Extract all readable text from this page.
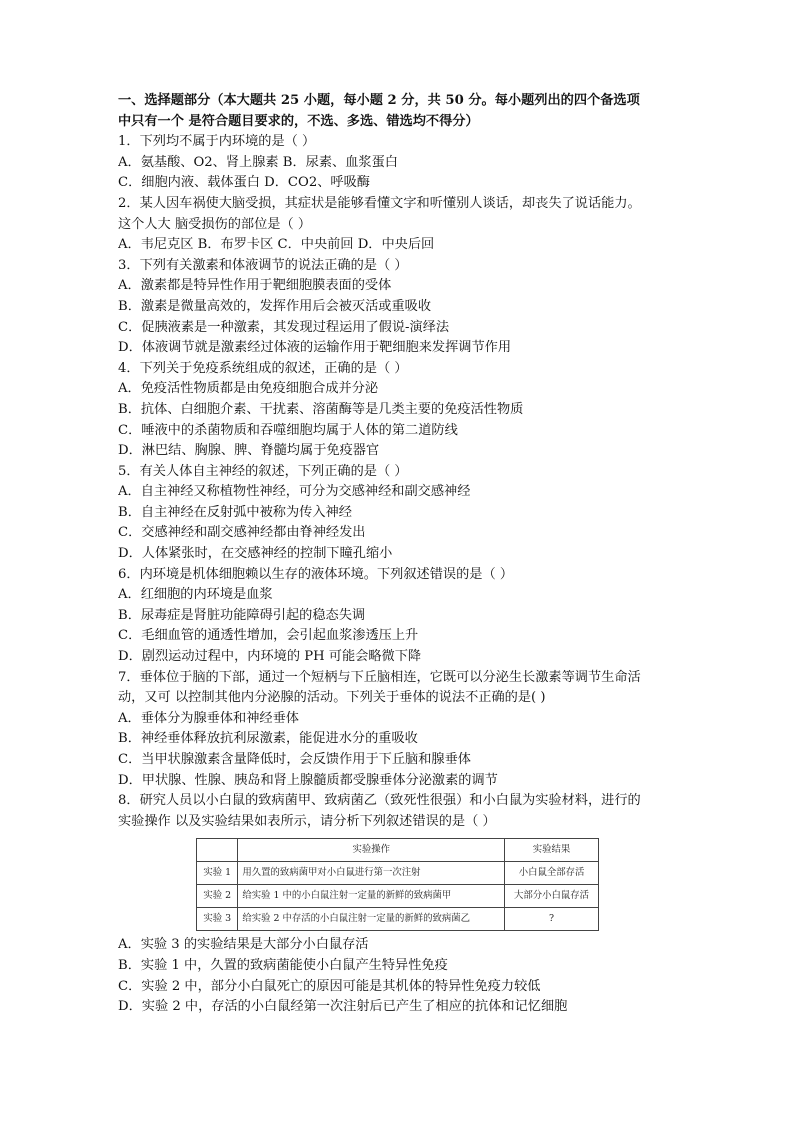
一、选择题部分（本大题共 25 小题，每小题 2 分，共 50 分。每小题列出的四个备选项
中只有一个 是符合题目要求的，不选、多选、错选均不得分）
1．下列均不属于内环境的是（ ）
A．氨基酸、O2、肾上腺素 B．尿素、血浆蛋白
C．细胞内液、载体蛋白 D．CO2、呼吸酶
2．某人因车祸使大脑受损，其症状是能够看懂文字和听懂别人谈话，却丧失了说话能力。
这个人大 脑受损伤的部位是（ ）
A．韦尼克区 B．布罗卡区 C．中央前回 D．中央后回
3．下列有关激素和体液调节的说法正确的是（ ）
A．激素都是特异性作用于靶细胞膜表面的受体
B．激素是微量高效的，发挥作用后会被灭活或重吸收
C．促胰液素是一种激素，其发现过程运用了假说-演绎法
D．体液调节就是激素经过体液的运输作用于靶细胞来发挥调节作用
4．下列关于免疫系统组成的叙述，正确的是（ ）
A．免疫活性物质都是由免疫细胞合成并分泌
B．抗体、白细胞介素、干扰素、溶菌酶等是几类主要的免疫活性物质
C．唾液中的杀菌物质和吞噬细胞均属于人体的第二道防线
D．淋巴结、胸腺、脾、脊髓均属于免疫器官
5．有关人体自主神经的叙述，下列正确的是（ ）
A．自主神经又称植物性神经，可分为交感神经和副交感神经
B．自主神经在反射弧中被称为传入神经
C．交感神经和副交感神经都由脊神经发出
D．人体紧张时，在交感神经的控制下瞳孔缩小
6．内环境是机体细胞赖以生存的液体环境。下列叙述错误的是（ ）
A．红细胞的内环境是血浆
B．尿毒症是肾脏功能障碍引起的稳态失调
C．毛细血管的通透性增加，会引起血浆渗透压上升
D．剧烈运动过程中，内环境的 PH 可能会略微下降
7．垂体位于脑的下部，通过一个短柄与下丘脑相连，它既可以分泌生长激素等调节生命活
动，又可 以控制其他内分泌腺的活动。下列关于垂体的说法不正确的是( )
A．垂体分为腺垂体和神经垂体
B．神经垂体释放抗利尿激素，能促进水分的重吸收
C．当甲状腺激素含量降低时，会反馈作用于下丘脑和腺垂体
D．甲状腺、性腺、胰岛和肾上腺髓质都受腺垂体分泌激素的调节
8．研究人员以小白鼠的致病菌甲、致病菌乙（致死性很强）和小白鼠为实验材料，进行的
实验操作 以及实验结果如表所示，请分析下列叙述错误的是（ ）
	实验操作	实验结果
实验 1	用久置的致病菌甲对小白鼠进行第一次注射	小白鼠全部存活
实验 2	给实验 1 中的小白鼠注射一定量的新鲜的致病菌甲	大部分小白鼠存活
实验 3	给实验 2 中存活的小白鼠注射一定量的新鲜的致病菌乙	?
A．实验 3 的实验结果是大部分小白鼠存活
B．实验 1 中，久置的致病菌能使小白鼠产生特异性免疫
C．实验 2 中，部分小白鼠死亡的原因可能是其机体的特异性免疫力较低
D．实验 2 中，存活的小白鼠经第一次注射后已产生了相应的抗体和记忆细胞
